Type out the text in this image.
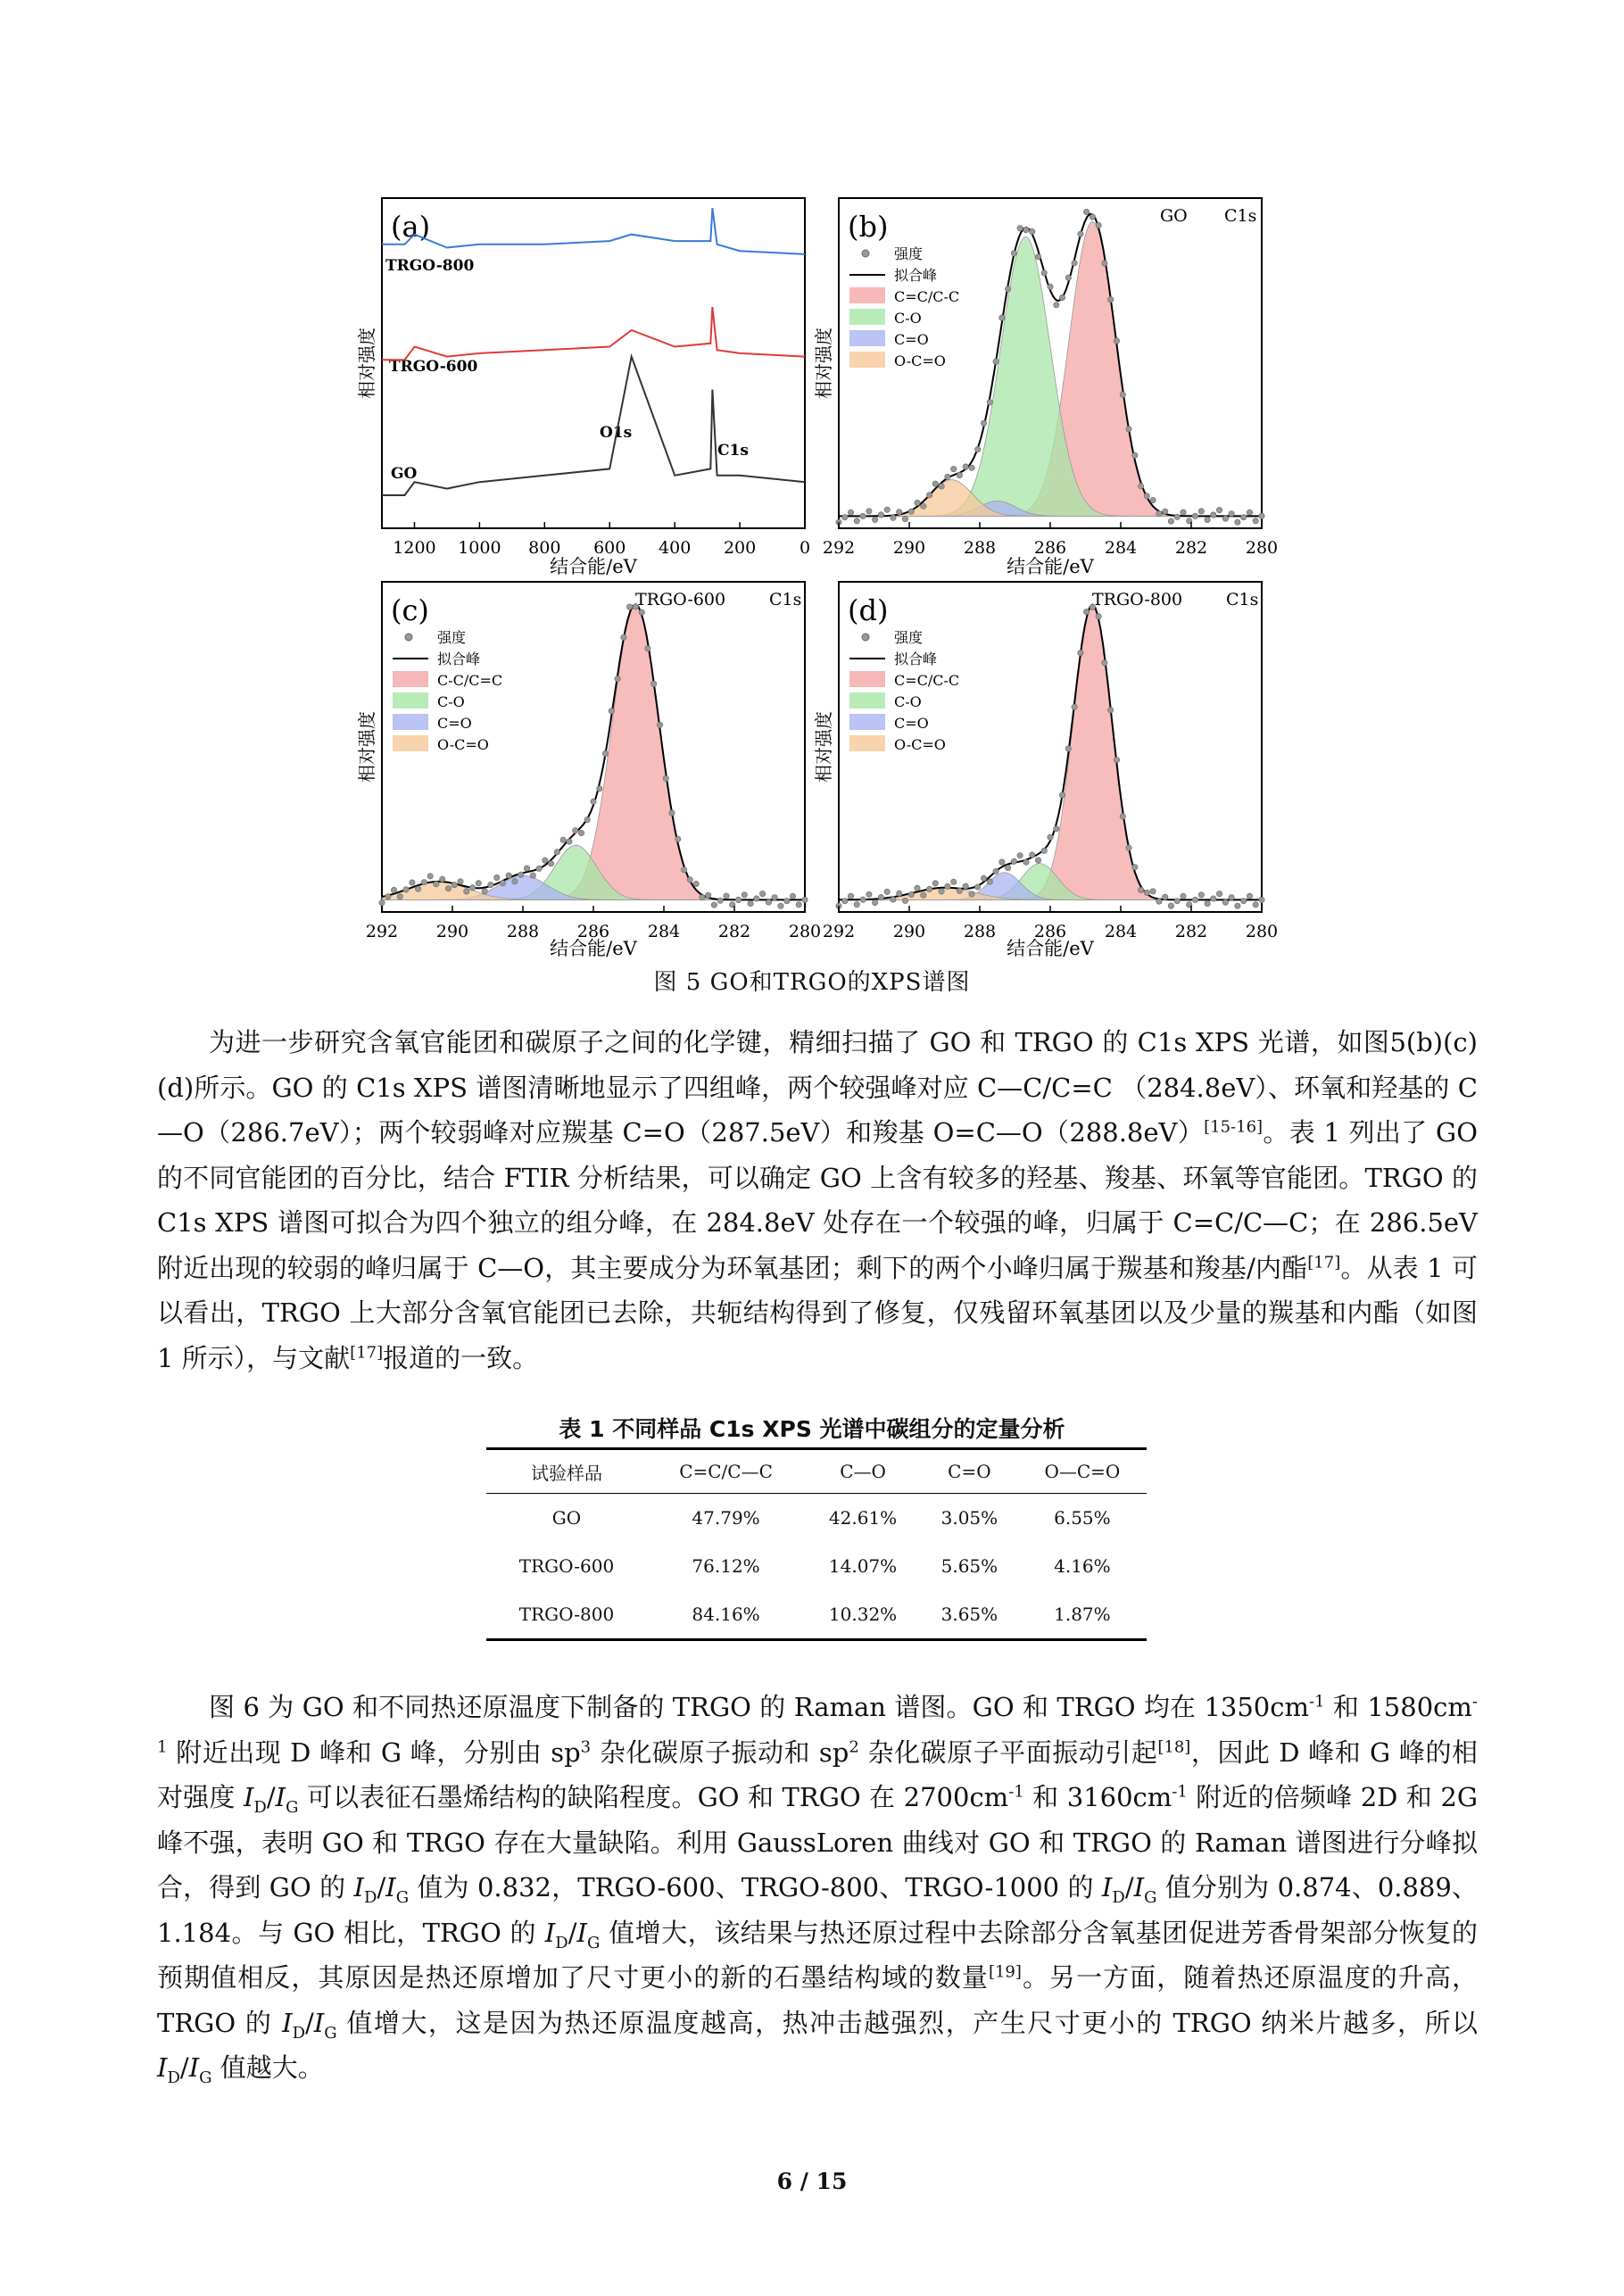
(a)
相对强度
结合能/eV
TRGO-800
TRGO-600
GO
O1s
C1s
1200 1000 800 600 400 200	0
(b)	GO C1s
相对强度
结合能/eV
强度
拟合峰
C=C/C-C
C-O
C=O
O-C=O
292 290 288 286 284 282 280
(c)	TRGO-600	C1s
相对强度
结合能/eV
强度
拟合峰
C-C/C=C
C-O
C=O
O-C=O
292 290 288 286 284 282 280
(d)	TRGO-800	C1s
相对强度
结合能/eV
强度
拟合峰
C=C/C-C
C-O
C=O
O-C=O
292 290 288 286 284 282 280
图 5 GO和TRGO的XPS谱图

为进一步研究含氧官能团和碳原子之间的化学键，精细扫描了 GO 和 TRGO 的 C1s XPS 光谱，如图5(b)(c)(d)所示。GO 的 C1s XPS 谱图清晰地显示了四组峰，两个较强峰对应 C—C/C=C （284.8eV）、环氧和羟基的 C—O（286.7eV）；两个较弱峰对应羰基 C=O（287.5eV）和羧基 O=C—O（288.8eV）[15-16]。表 1 列出了 GO 的不同官能团的百分比，结合 FTIR 分析结果，可以确定 GO 上含有较多的羟基、羧基、环氧等官能团。TRGO 的 C1s XPS 谱图可拟合为四个独立的组分峰，在 284.8eV 处存在一个较强的峰，归属于 C=C/C—C；在 286.5eV 附近出现的较弱的峰归属于 C—O，其主要成分为环氧基团；剩下的两个小峰归属于羰基和羧基/内酯[17]。从表 1 可以看出，TRGO 上大部分含氧官能团已去除，共轭结构得到了修复，仅残留环氧基团以及少量的羰基和内酯（如图 1 所示），与文献[17]报道的一致。

表 1 不同样品 C1s XPS 光谱中碳组分的定量分析
试验样品	C=C/C—C	C—O	C=O	O—C=O
GO	47.79%	42.61%	3.05%	6.55%
TRGO-600	76.12%	14.07%	5.65%	4.16%
TRGO-800	84.16%	10.32%	3.65%	1.87%

图 6 为 GO 和不同热还原温度下制备的 TRGO 的 Raman 谱图。GO 和 TRGO 均在 $1350cm^{-1}$ 和 $1580cm^{-1}$ 附近出现 D 峰和 G 峰，分别由 $sp^3$ 杂化碳原子振动和 $sp^2$ 杂化碳原子平面振动引起[18]，因此 D 峰和 G 峰的相对强度 $I_D/I_G$ 可以表征石墨烯结构的缺陷程度。GO 和 TRGO 在 $2700cm^{-1}$ 和 $3160cm^{-1}$ 附近的倍频峰 2D 和 2G 峰不强，表明 GO 和 TRGO 存在大量缺陷。利用 GaussLoren 曲线对 GO 和 TRGO 的 Raman 谱图进行分峰拟合，得到 GO 的 $I_D/I_G$ 值为 0.832，TRGO-600、TRGO-800、TRGO-1000 的 $I_D/I_G$ 值分别为 0.874、0.889、1.184。与 GO 相比，TRGO 的 $I_D/I_G$ 值增大，该结果与热还原过程中去除部分含氧基团促进芳香骨架部分恢复的预期值相反，其原因是热还原增加了尺寸更小的新的石墨结构域的数量[19]。另一方面，随着热还原温度的升高，TRGO 的 $I_D/I_G$ 值增大，这是因为热还原温度越高，热冲击越强烈，产生尺寸更小的 TRGO 纳米片越多，所以 $I_D/I_G$ 值越大。

6 / 15
